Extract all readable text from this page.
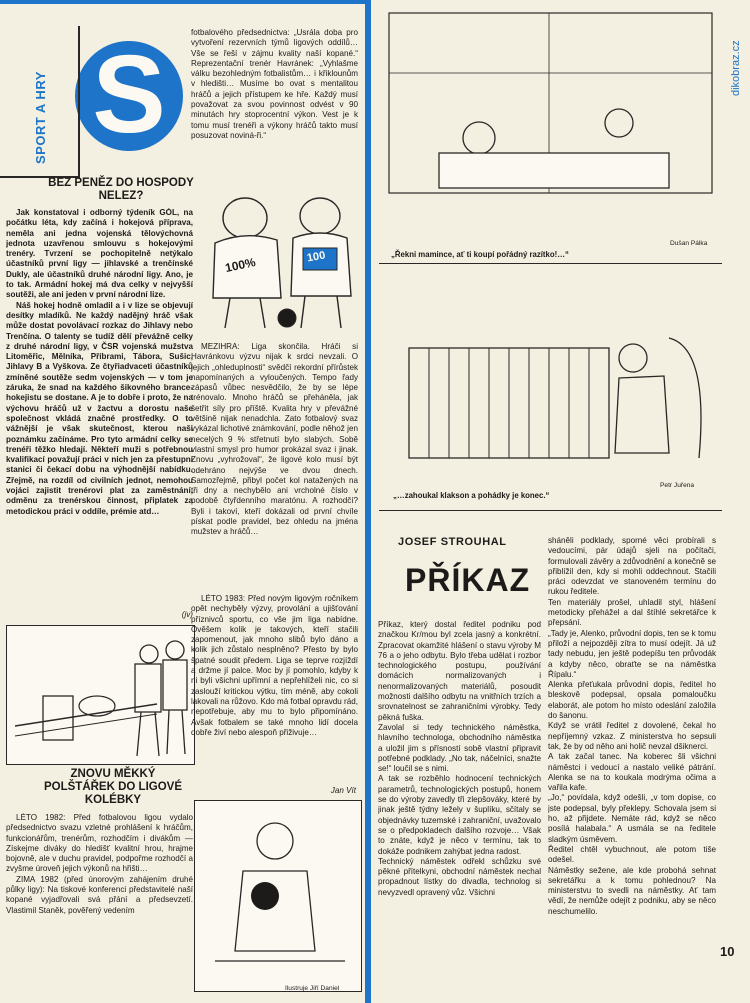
S
SPORT A HRY
BEZ PENĚZ DO HOSPODY NELEZ?

Jak konstatoval i odborný týdeník GÓL, na počátku léta, kdy začíná i hokejová příprava, neměla ani jedna vojenská tělovýchovná jednota uzavřenou smlouvu s hokejovými trenéry. Tvrzení se pochopitelně netýkalo účastníků první ligy — jihlavské a trenčínské Dukly, ale účastníků druhé národní ligy. Ano, je to tak. Armádní hokej má dva celky v nejvyšší soutěži, ale ani jeden v první národní lize.

Náš hokej hodně omladil a i v lize se objevují desítky mladíků. Ne každý nadějný hráč však může dostat povolávací rozkaz do Jihlavy nebo Trenčína. O talenty se tudíž dělí převážně celky z druhé národní ligy, v ČSR vojenská mužstva Litoměřic, Mělníka, Příbrami, Tábora, Sušic, Jihlavy B a Vyškova. Ze čtyřiadvaceti účastníků zmíněné soutěže sedm vojenských — v tom je záruka, že snad na každého šikovného brance-hokejistu se dostane. A je to dobře i proto, že na výchovu hráčů už v žactvu a dorostu naše společnost vkládá značné prostředky. O to vážnější je však skutečnost, kterou naši poznámku začínáme. Pro tyto armádní celky se trenéři těžko hledají. Někteří muži s potřebnou kvalifikací považují práci v nich jen za přestupní stanici či čekací dobu na výhodnější nabídku. Zřejmě, na rozdíl od civilních jednot, nemohou vojáci zajistit trenérovi plat za zaměstnání, odměnu za trenérskou činnost, připlatek za metodickou práci v oddíle, prémie atd…

(jv)
ZNOVU MĚKKÝ POLŠTÁŘEK DO LIGOVÉ KOLÉBKY

LÉTO 1982: Před fotbalovou ligou vydalo předsednictvo svazu vzletné prohlášení k hráčům, funkcionářům, trenérům, rozhodčím i divákům — Získejme diváky do hledišť kvalitní hrou, hrajme bojovně, ale v duchu pravidel, podpořme rozhodčí a zvyšme úroveň jejich výkonů na hřišti…

ZIMA 1982 (před únorovým zahájením druhé půlky ligy): Na tiskové konferenci představitelé naší kopané vyjadřovali svá přání a předsevzetí. Vlastimil Staněk, pověřený vedením

fotbalového předsednictva: „Usrála doba pro vytvoření rezervních týmů ligových oddílů… Vše se řeší v zájmu kvality naší kopané.“ Reprezentační trenér Havránek: „Vyhlašme válku bezohledným fotbalistům… i křiklounům v hledišti… Musíme bo ovat s mentalitou hráčů a jejich přístupem ke hře. Každý musí považovat za svou povinnost odvést v 90 minutách hry stoprocentní výkon. Vest je k tomu musí trenéři a výkony hráčů takto musí posuzovat noviná-ři.“
100%	100
MEZIHRA: Liga skončila. Hráči si Havránkovu výzvu nijak k srdci nevzali. O jejich „ohleduplnosti“ svědčí rekordní přírůstek napomínaných a vyloučených. Tempo řady zápasů vůbec nesvědčilo, že by se lépe trénovalo. Mnoho hráčů se přeháněla, jak šetřit síly pro příště. Kvalita hry v převážné většině nijak nenadchla. Zato fotbalový svaz vykázal lichotivé známkování, podle něhož jen necelých 9 % střetnutí bylo slabých. Sobě vlastní smysl pro humor prokázal svaz i jinak. Znovu „vyhrožoval“, že ligové kolo musí být odehráno nejvýše ve dvou dnech. Samozřejmě, přibyl počet kol natažených na tři dny a nechybělo ani vrcholné číslo v podobě čtyřdenního maratónu. A rozhodčí? Byli i takoví, kteří dokázali od první chvíle pískat podle pravidel, bez ohledu na jména mužstev a hráčů…
LÉTO 1983: Před novým ligovým ročníkem opět nechyběly výzvy, provolání a ujišťování příznivců sportu, co vše jim liga nabídne. Ověšem kolik je takových, kteří stačili zapomenout, jak mnoho slibů bylo dáno a kolik jich zůstalo nesplněno? Přesto by bylo špatné soudit předem. Liga se teprve rozjíždí a držme jí palce. Moc by jí pomohlo, kdyby k ni byli všichni upřímní a nepřehlíželi nic, co si zaslouží kritickou výtku, tím méně, aby cokoli lakovali na růžovo. Kdo má fotbal opravdu rád, nepotřebuje, aby mu to bylo připomínáno. Avšak fotbalem se také mnoho lidí docela dobře živí nebo alespoň přiživuje…
Jan Vít
Ilustruje Jiří Daniel
dikobraz.cz
„Řekni mamince, ať ti koupí pořádný razítko!…“
Dušan Pálka
„…zahoukal klakson a pohádky je konec.“
Petr Juřena
JOSEF STROUHAL
PŘÍKAZ
Příkaz, který dostal ředitel podniku pod značkou Kr/mou byl zcela jasný a konkrétní. Zpracovat okamžité hlášení o stavu výroby M 76 a o jeho odbytu. Bylo třeba udělat i rozbor technologického postupu, používání domácích normalizovaných i nenormalizovaných materiálů, posoudit možnosti dalšího odbytu na vnitřních trzích a srovnatelnost se zahraničními výrobky. Tedy pěkná fuška.
Zavolal si tedy technického náměstka, hlavního technologa, obchodního náměstka a uložil jim s přísností sobě vlastní připravit potřebné podklady. „No tak, náčelníci, snažte se!“ loučil se s nimi.
A tak se rozběhlo hodnocení technických parametrů, technologických postupů, honem se do výroby zavedly tři zlepšováky, které by jinak ještě týdny ležely v šuplíku, sčítaly se objednávky tuzemské i zahraniční, uvažovalo se o předpokladech dalšího rozvoje… Však to znáte, když je něco v termínu, tak to dokáže podnikem zahýbat jedna radost.
Technický náměstek odřekl schůzku své pěkné přítelkyni, obchodní náměstek nechal propadnout lístky do divadla, technolog si nevyzvedl opravený vůz. Všichni
sháněli podklady, sporné věci probírali s vedoucími, pár údajů sjeli na počítači, formulovali závěry a zdůvodnění a konečně se přiblížil den, kdy si mohli oddechnout. Stačili práci odevzdat ve stanoveném termínu do rukou ředitele.
Ten materiály prošel, uhladil styl, hlášení metodicky přehážel a dal štíhlé sekretářce k přepsání.
„Tady je, Alenko, průvodní dopis, ten se k tomu přiloží a nejpozději zítra to musí odejít. Já už tady nebudu, jen ještě podepíšu ten průvodák a kdyby něco, obraťte se na náměstka Řípalu.“
Alenka přeťukala průvodní dopis, ředitel ho bleskově podepsal, opsala pomaloučku elaborát, ale potom ho místo odeslání založila do šanonu.
Když se vrátil ředitel z dovolené, čekal ho nepříjemný vzkaz. Z ministerstva ho sepsuli tak, že by od něho ani holič nevzal dšiknerci.
A tak začal tanec. Na koberec šli všichni náměstci i vedoucí a nastalo veliké pátrání. Alenka se na to koukala modrýma očima a vařila kafe.
„Jo,“ povídala, když odešli, „v tom dopise, co jste podepsal, byly překlepy. Schovala jsem si ho, až přijdete. Nemáte rád, když se něco posílá halabala.“ A usmála se na ředitele sladkým úsměvem.
Ředitel chtěl vybuchnout, ale potom tiše odešel.
Náměstky sežene, ale kde probohá sehnat sekretářku a k tomu pohlednou? Na ministerstvu to svedli na náměstky. Ať tam vědí, že nemůže odejít z podniku, aby se něco neschumelilo.
10
